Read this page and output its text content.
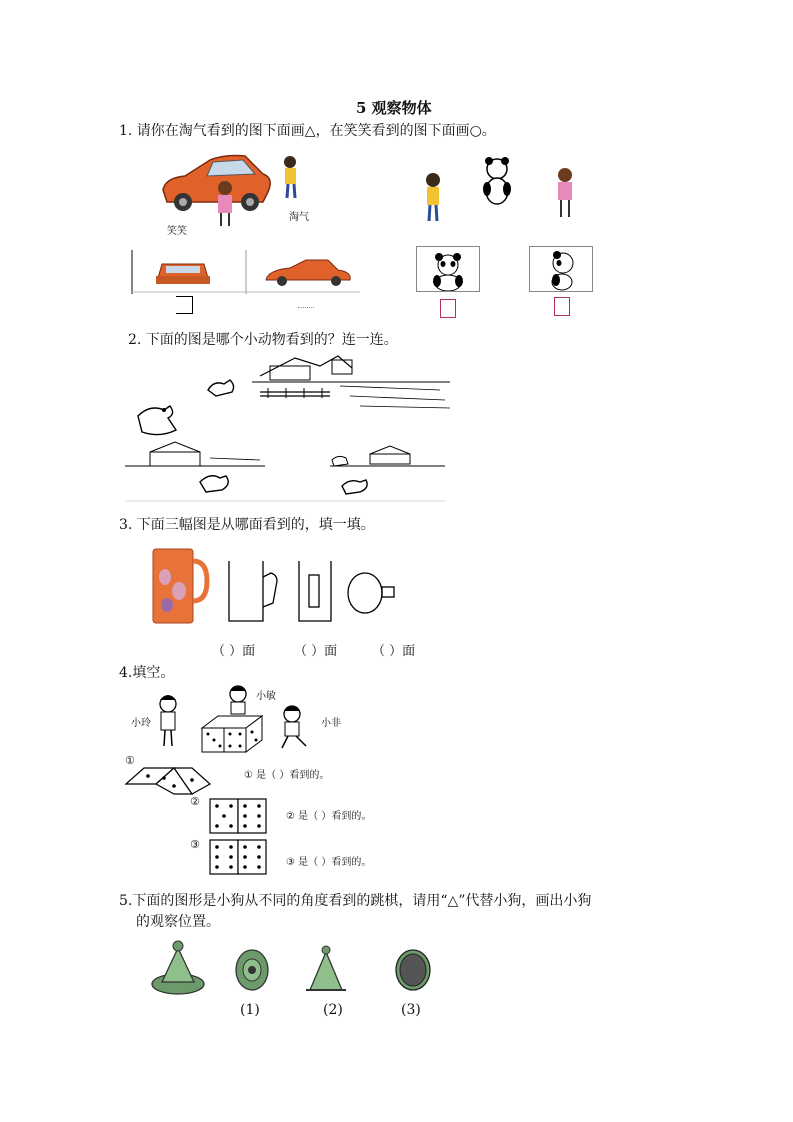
5 观察物体
1. 请你在淘气看到的图下面画△，在笑笑看到的图下面画○。
笑笑
淘气
2. 下面的图是哪个小动物看到的？连一连。
3. 下面三幅图是从哪面看到的，填一填。
（ ）面	（ ）面	（ ）面
4.填空。
小敏
小玲	小非
①
① 是（ ）看到的。
②
② 是（ ）看到的。
③
③ 是（ ）看到的。
5.下面的图形是小狗从不同的角度看到的跳棋，请用“△”代替小狗，画出小狗
的观察位置。
(1)	(2)	(3)
